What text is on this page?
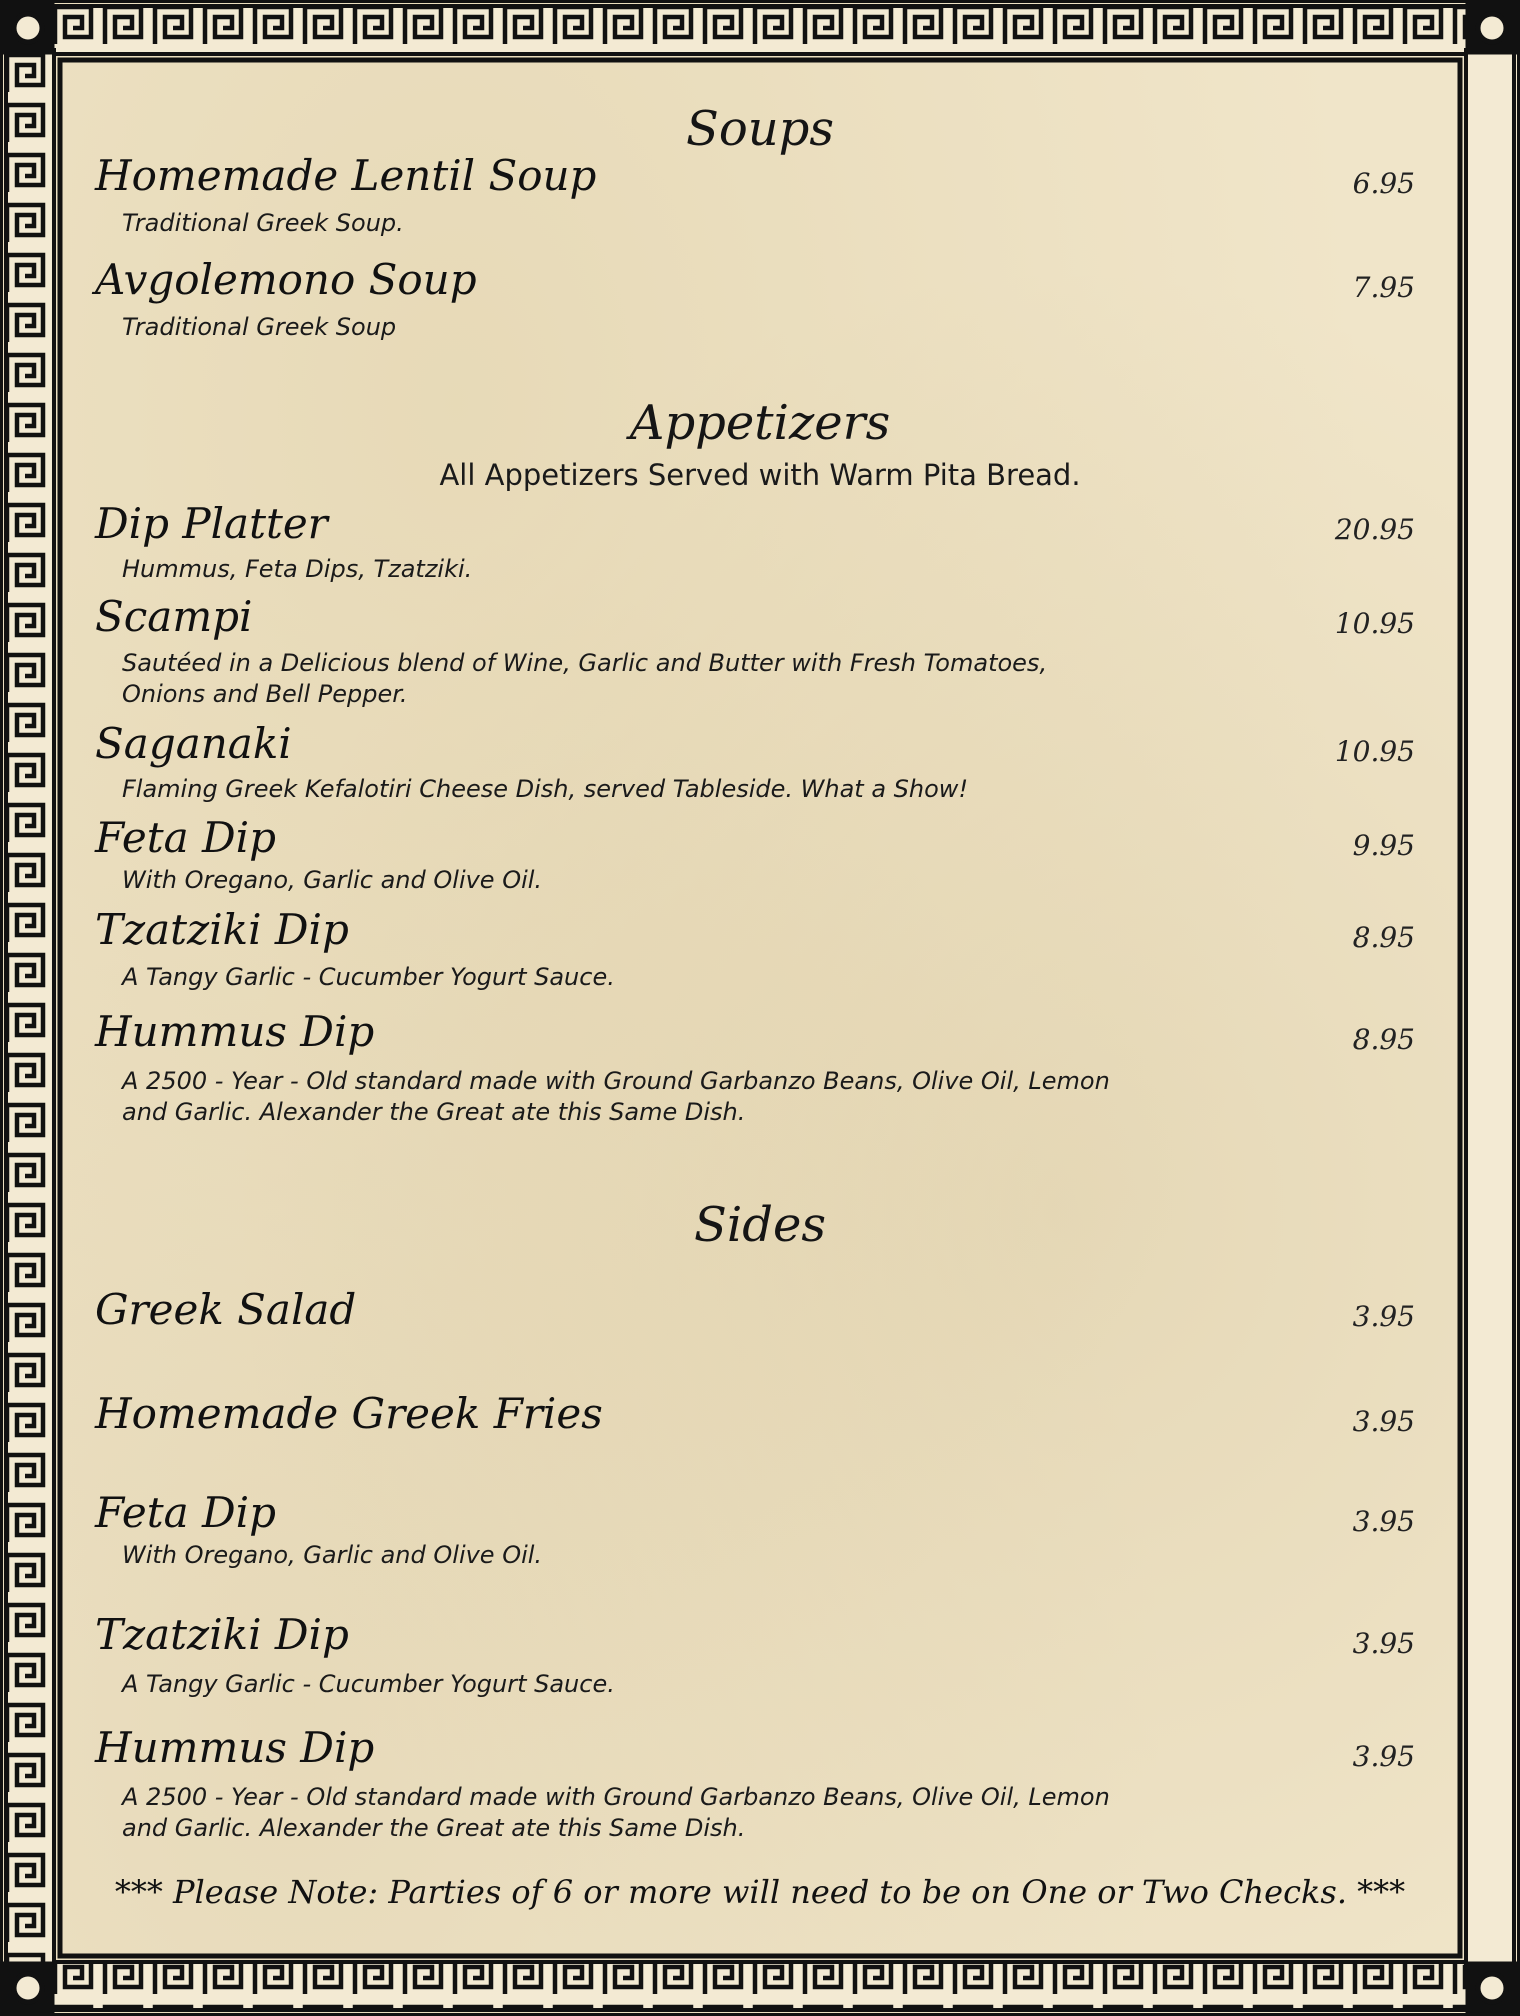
Soups
Homemade Lentil Soup	6.95
Traditional Greek Soup.
Avgolemono Soup	7.95
Traditional Greek Soup
Appetizers
All Appetizers Served with Warm Pita Bread.
Dip Platter	20.95
Hummus, Feta Dips, Tzatziki.
Scampi	10.95
Sautéed in a Delicious blend of Wine, Garlic and Butter with Fresh Tomatoes,
Onions and Bell Pepper.
Saganaki	10.95
Flaming Greek Kefalotiri Cheese Dish, served Tableside. What a Show!
Feta Dip	9.95
With Oregano, Garlic and Olive Oil.
Tzatziki Dip	8.95
A Tangy Garlic - Cucumber Yogurt Sauce.
Hummus Dip	8.95
A 2500 - Year - Old standard made with Ground Garbanzo Beans, Olive Oil, Lemon
and Garlic. Alexander the Great ate this Same Dish.
Sides
Greek Salad	3.95
Homemade Greek Fries	3.95
Feta Dip	3.95
With Oregano, Garlic and Olive Oil.
Tzatziki Dip	3.95
A Tangy Garlic - Cucumber Yogurt Sauce.
Hummus Dip	3.95
A 2500 - Year - Old standard made with Ground Garbanzo Beans, Olive Oil, Lemon
and Garlic. Alexander the Great ate this Same Dish.
*** Please Note: Parties of 6 or more will need to be on One or Two Checks. ***
